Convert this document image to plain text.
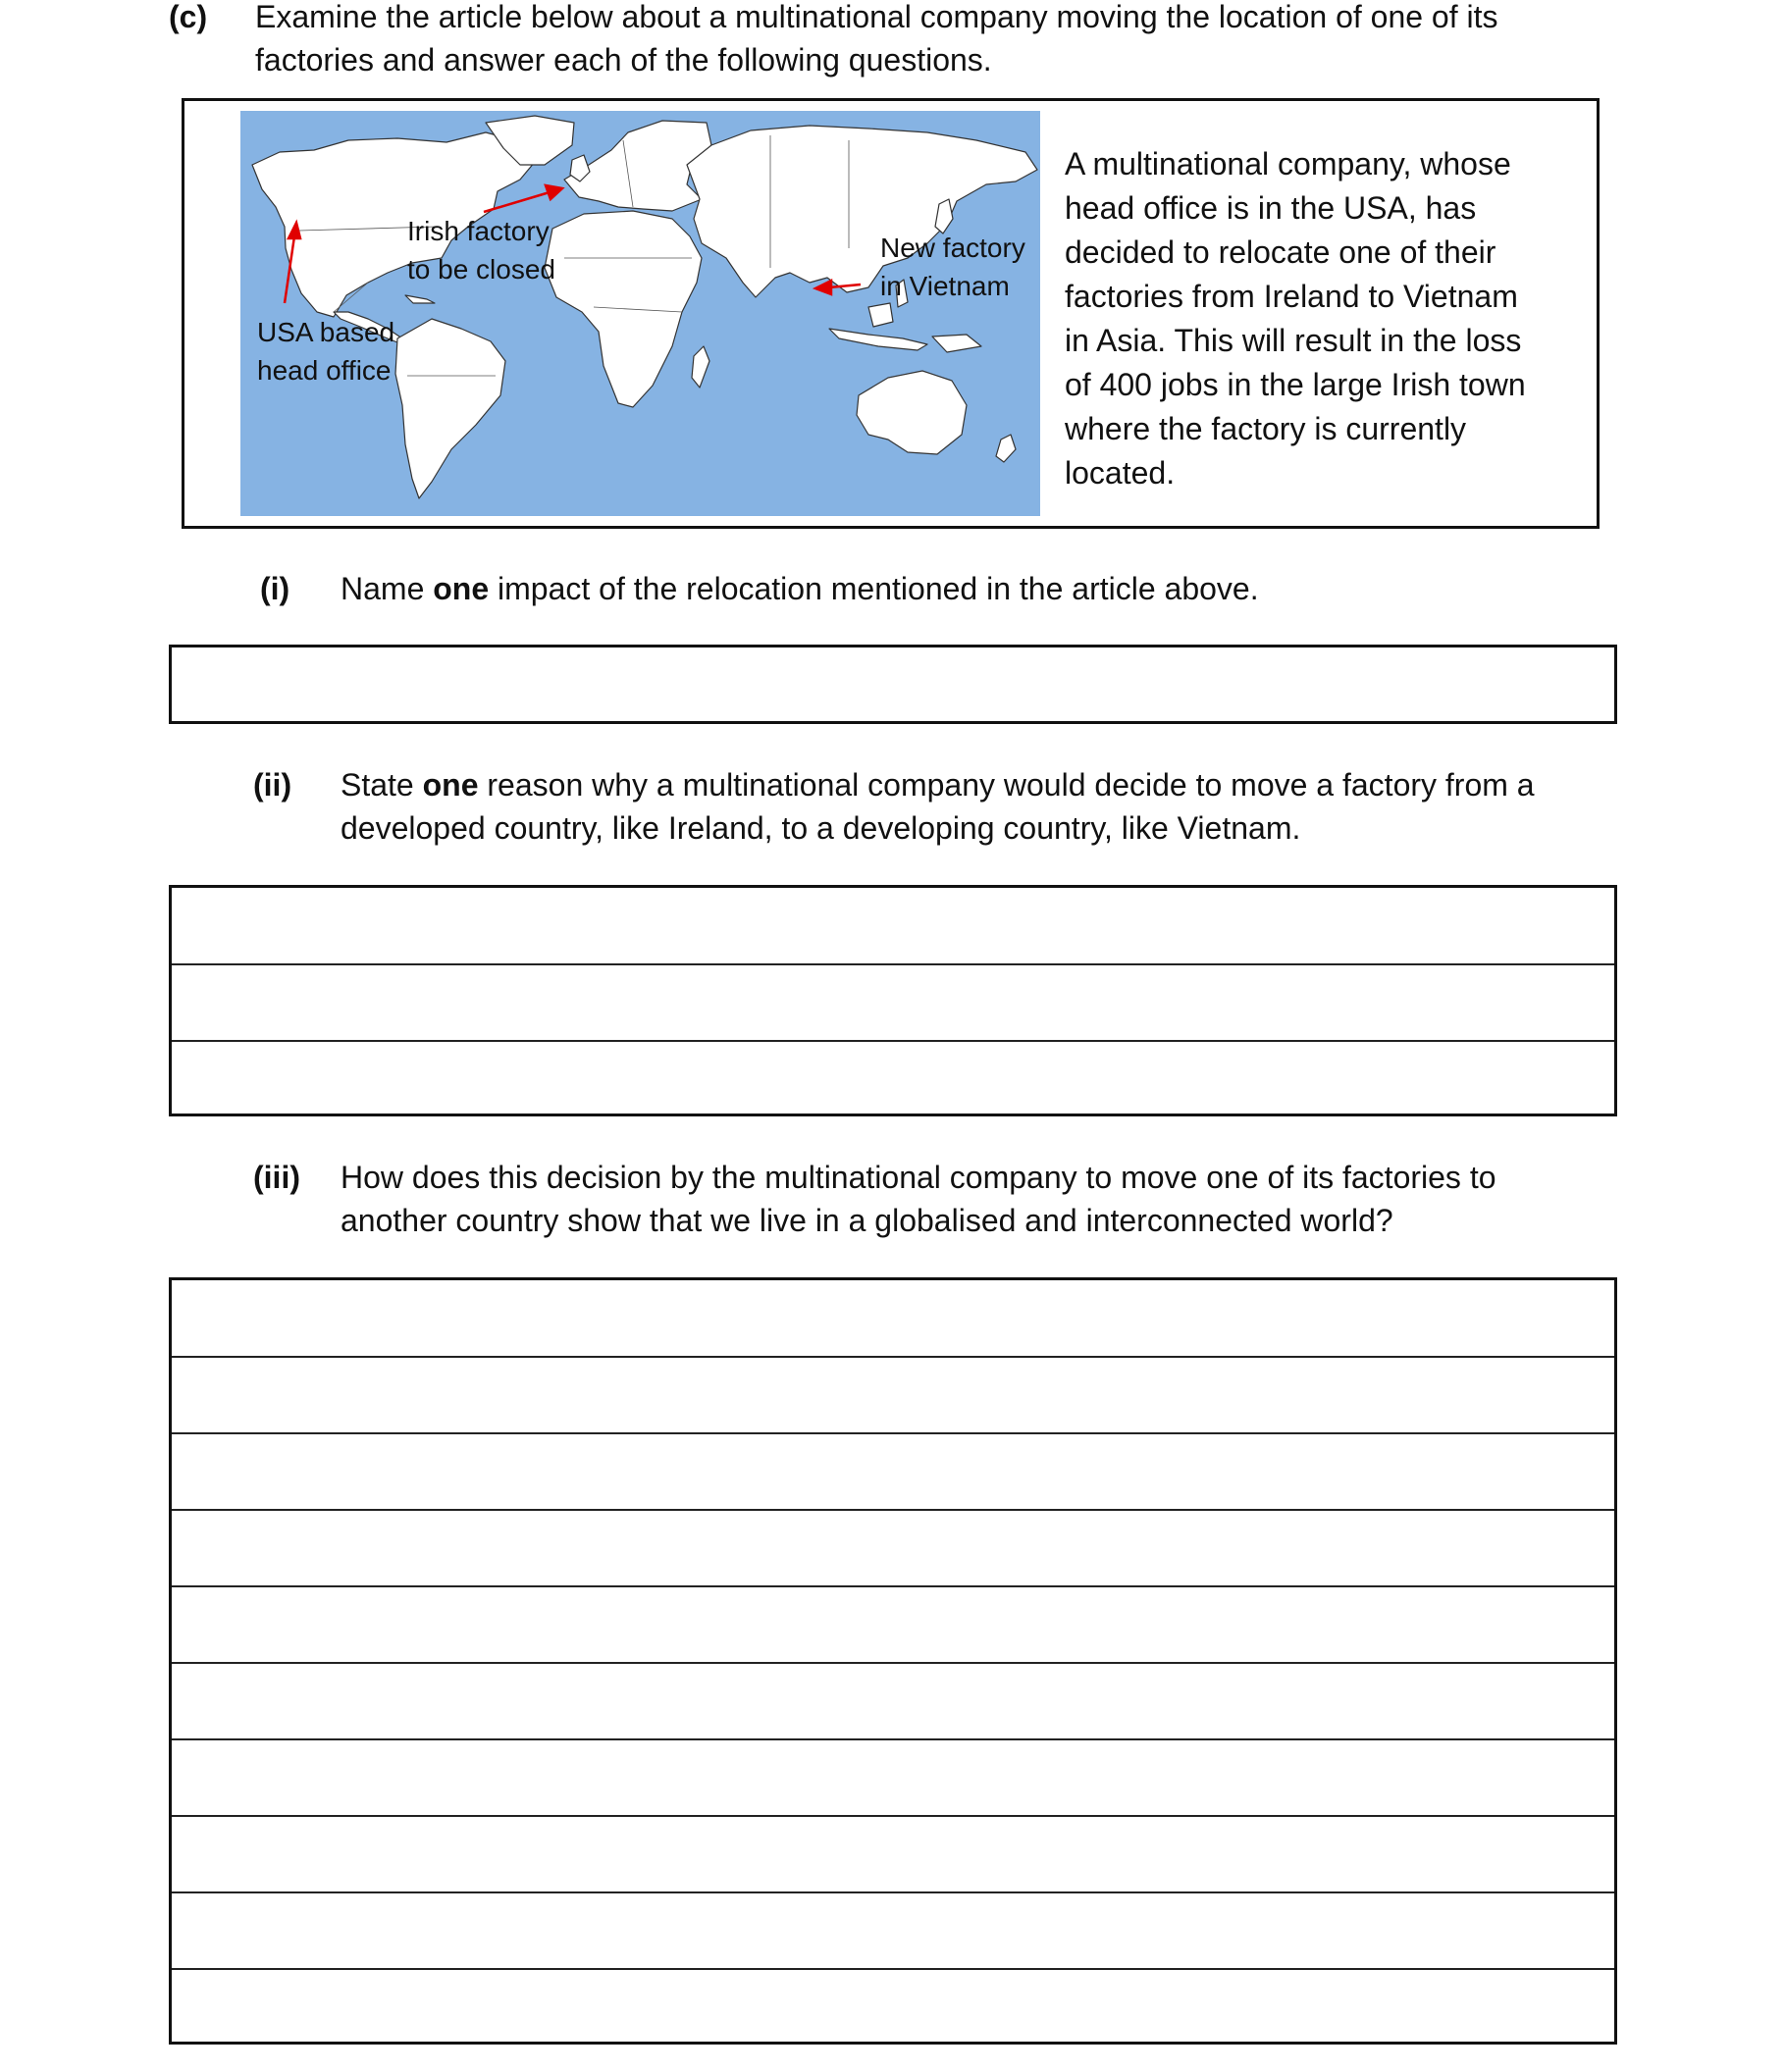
(c) Examine the article below about a multinational company moving the location of one of its
factories and answer each of the following questions.
Irish factory
to be closed
New factory
in Vietnam
USA based
head office
A multinational company, whose
head office is in the USA, has
decided to relocate one of their
factories from Ireland to Vietnam
in Asia. This will result in the loss
of 400 jobs in the large Irish town
where the factory is currently
located.
(i) Name one impact of the relocation mentioned in the article above.
(ii) State one reason why a multinational company would decide to move a factory from a
developed country, like Ireland, to a developing country, like Vietnam.
(iii) How does this decision by the multinational company to move one of its factories to
another country show that we live in a globalised and interconnected world?
